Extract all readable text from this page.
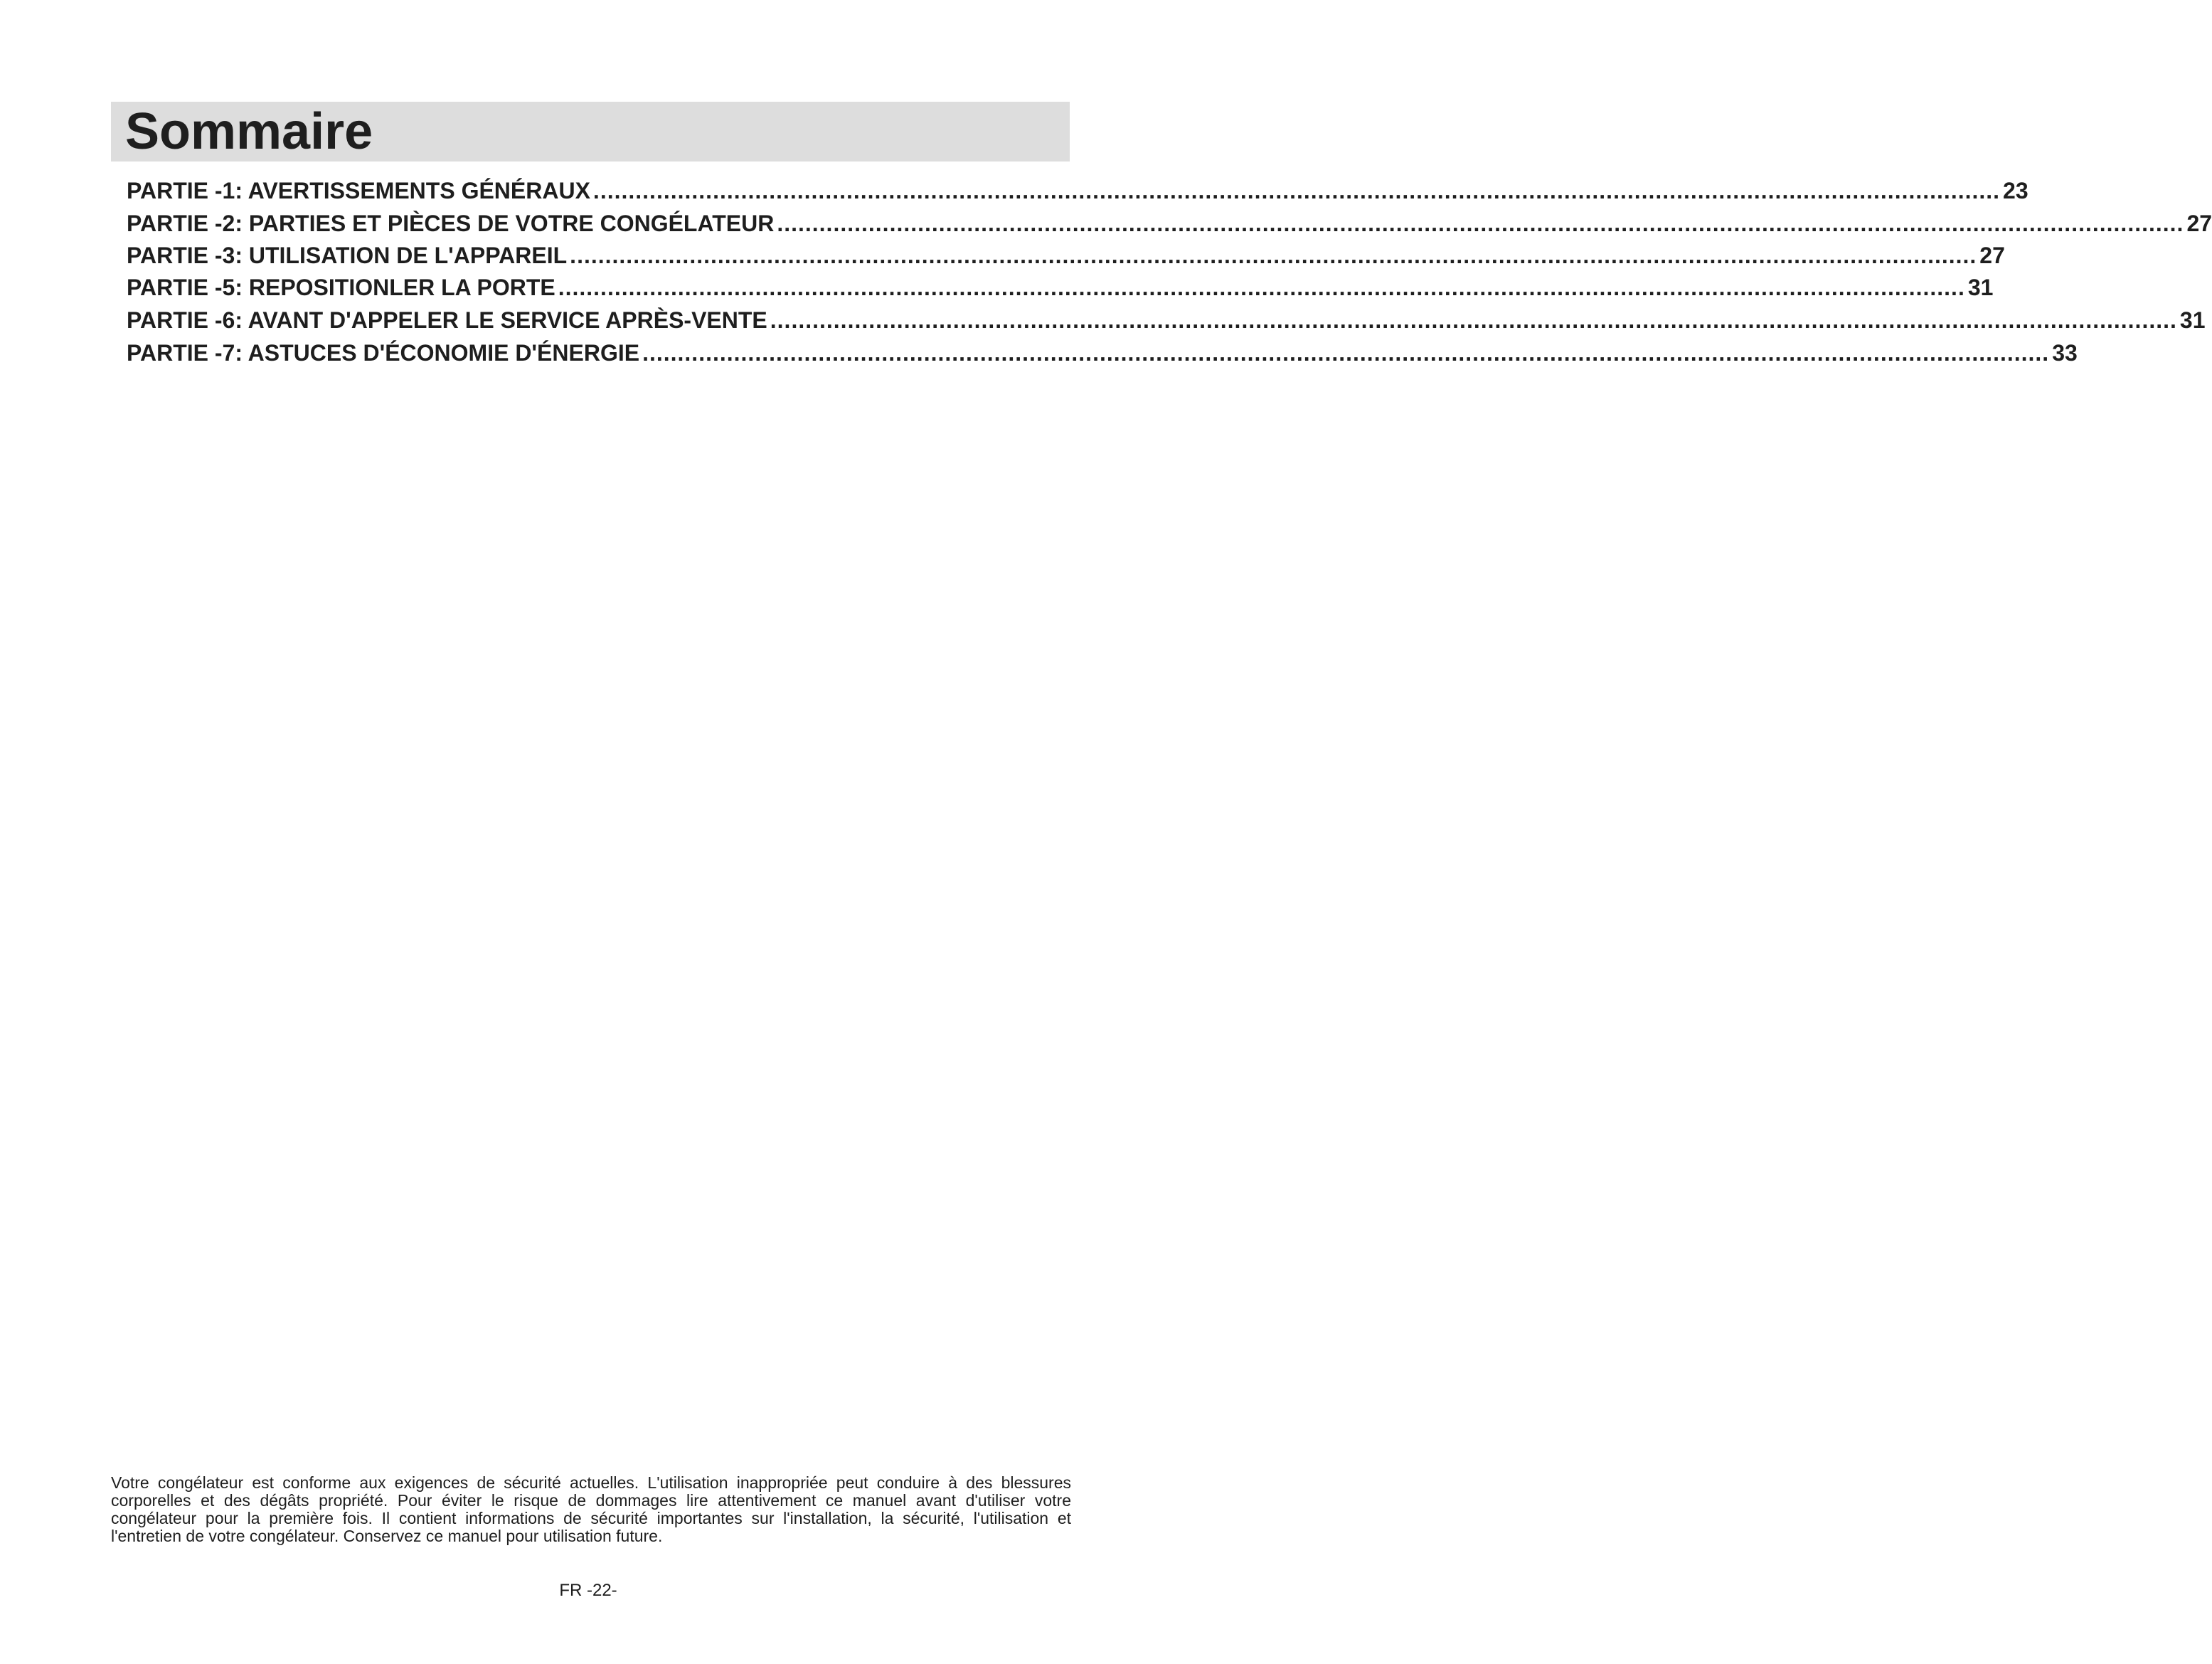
Sommaire
PARTIE -1: AVERTISSEMENTS GÉNÉRAUX ........................................................................................................................................................................................................ 23
PARTIE -2: PARTIES ET PIÈCES DE VOTRE CONGÉLATEUR ........................................................................................................................................................................................................ 27
PARTIE -3: UTILISATION DE L'APPAREIL ........................................................................................................................................................................................................ 27
PARTIE -5: REPOSITIONLER LA PORTE ........................................................................................................................................................................................................ 31
PARTIE -6: AVANT D'APPELER LE SERVICE APRÈS-VENTE ........................................................................................................................................................................................................ 31
PARTIE -7: ASTUCES D'ÉCONOMIE D'ÉNERGIE ........................................................................................................................................................................................................ 33
Votre congélateur est conforme aux exigences de sécurité actuelles. L'utilisation inappropriée peut conduire à des blessures corporelles et des dégâts propriété. Pour éviter le risque de dommages lire attentivement ce manuel avant d'utiliser votre congélateur pour la première fois. Il contient informations de sécurité importantes sur l'installation, la sécurité, l'utilisation et l'entretien de votre congélateur. Conservez ce manuel pour utilisation future.
FR -22-
